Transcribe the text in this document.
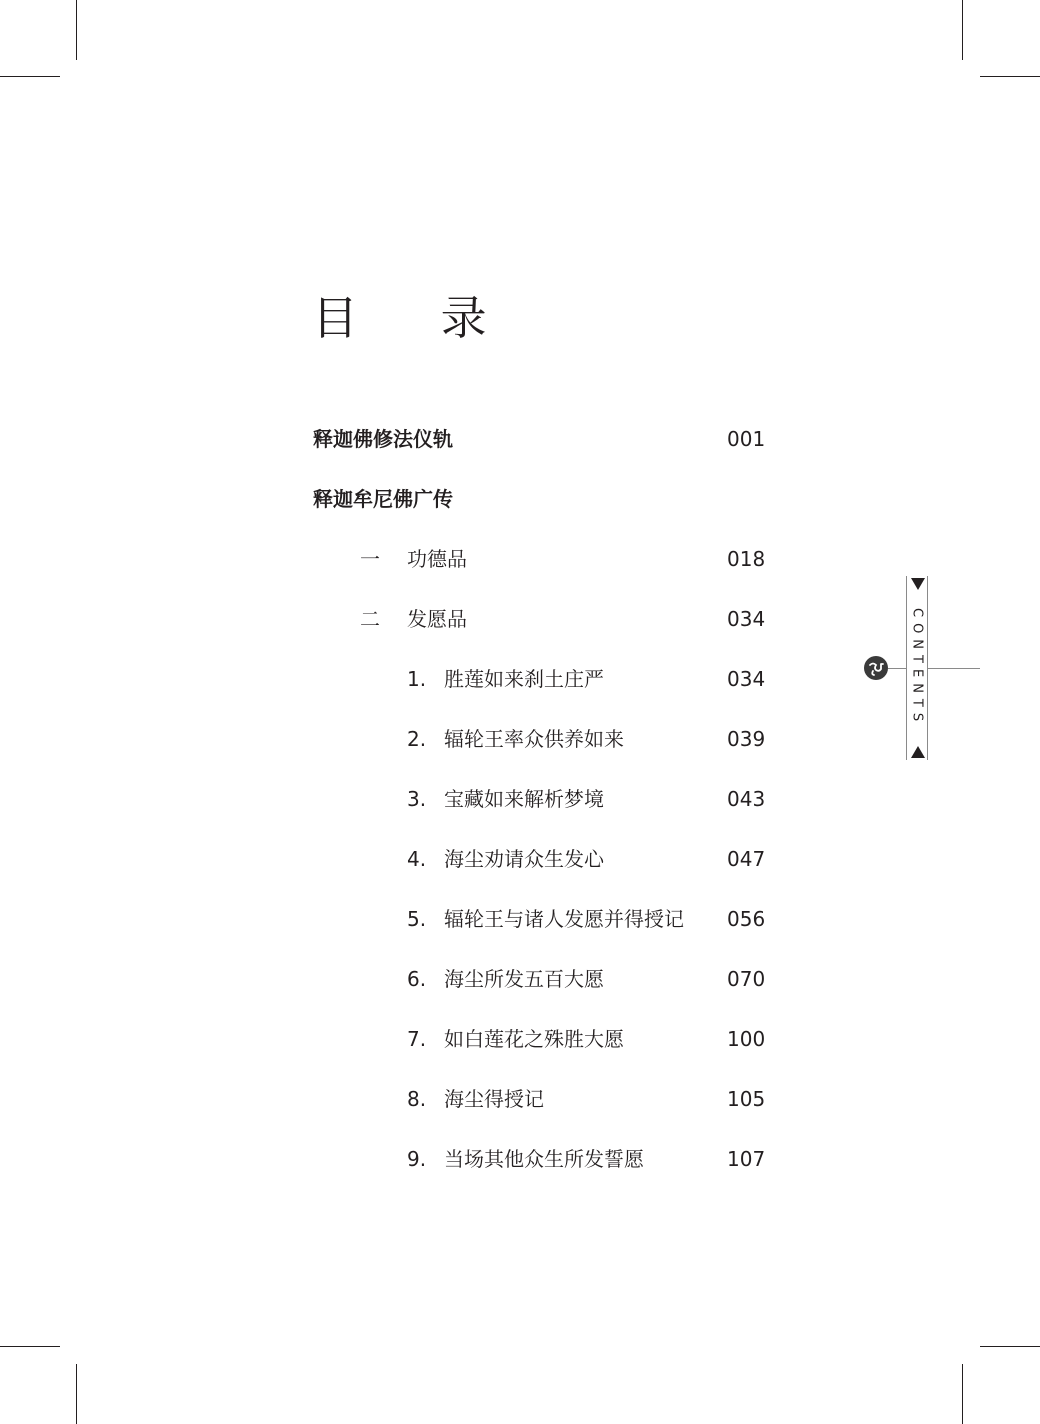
目 录
释迦佛修法仪轨	001
释迦牟尼佛广传
一 功德品	018
二 发愿品	034
1. 胜莲如来刹土庄严	034
2. 辐轮王率众供养如来	039
3. 宝藏如来解析梦境	043
4. 海尘劝请众生发心	047
5. 辐轮王与诸人发愿并得授记 056
6. 海尘所发五百大愿	070
7. 如白莲花之殊胜大愿	100
8. 海尘得授记	105
9. 当场其他众生所发誓愿	107
CONTENTS
